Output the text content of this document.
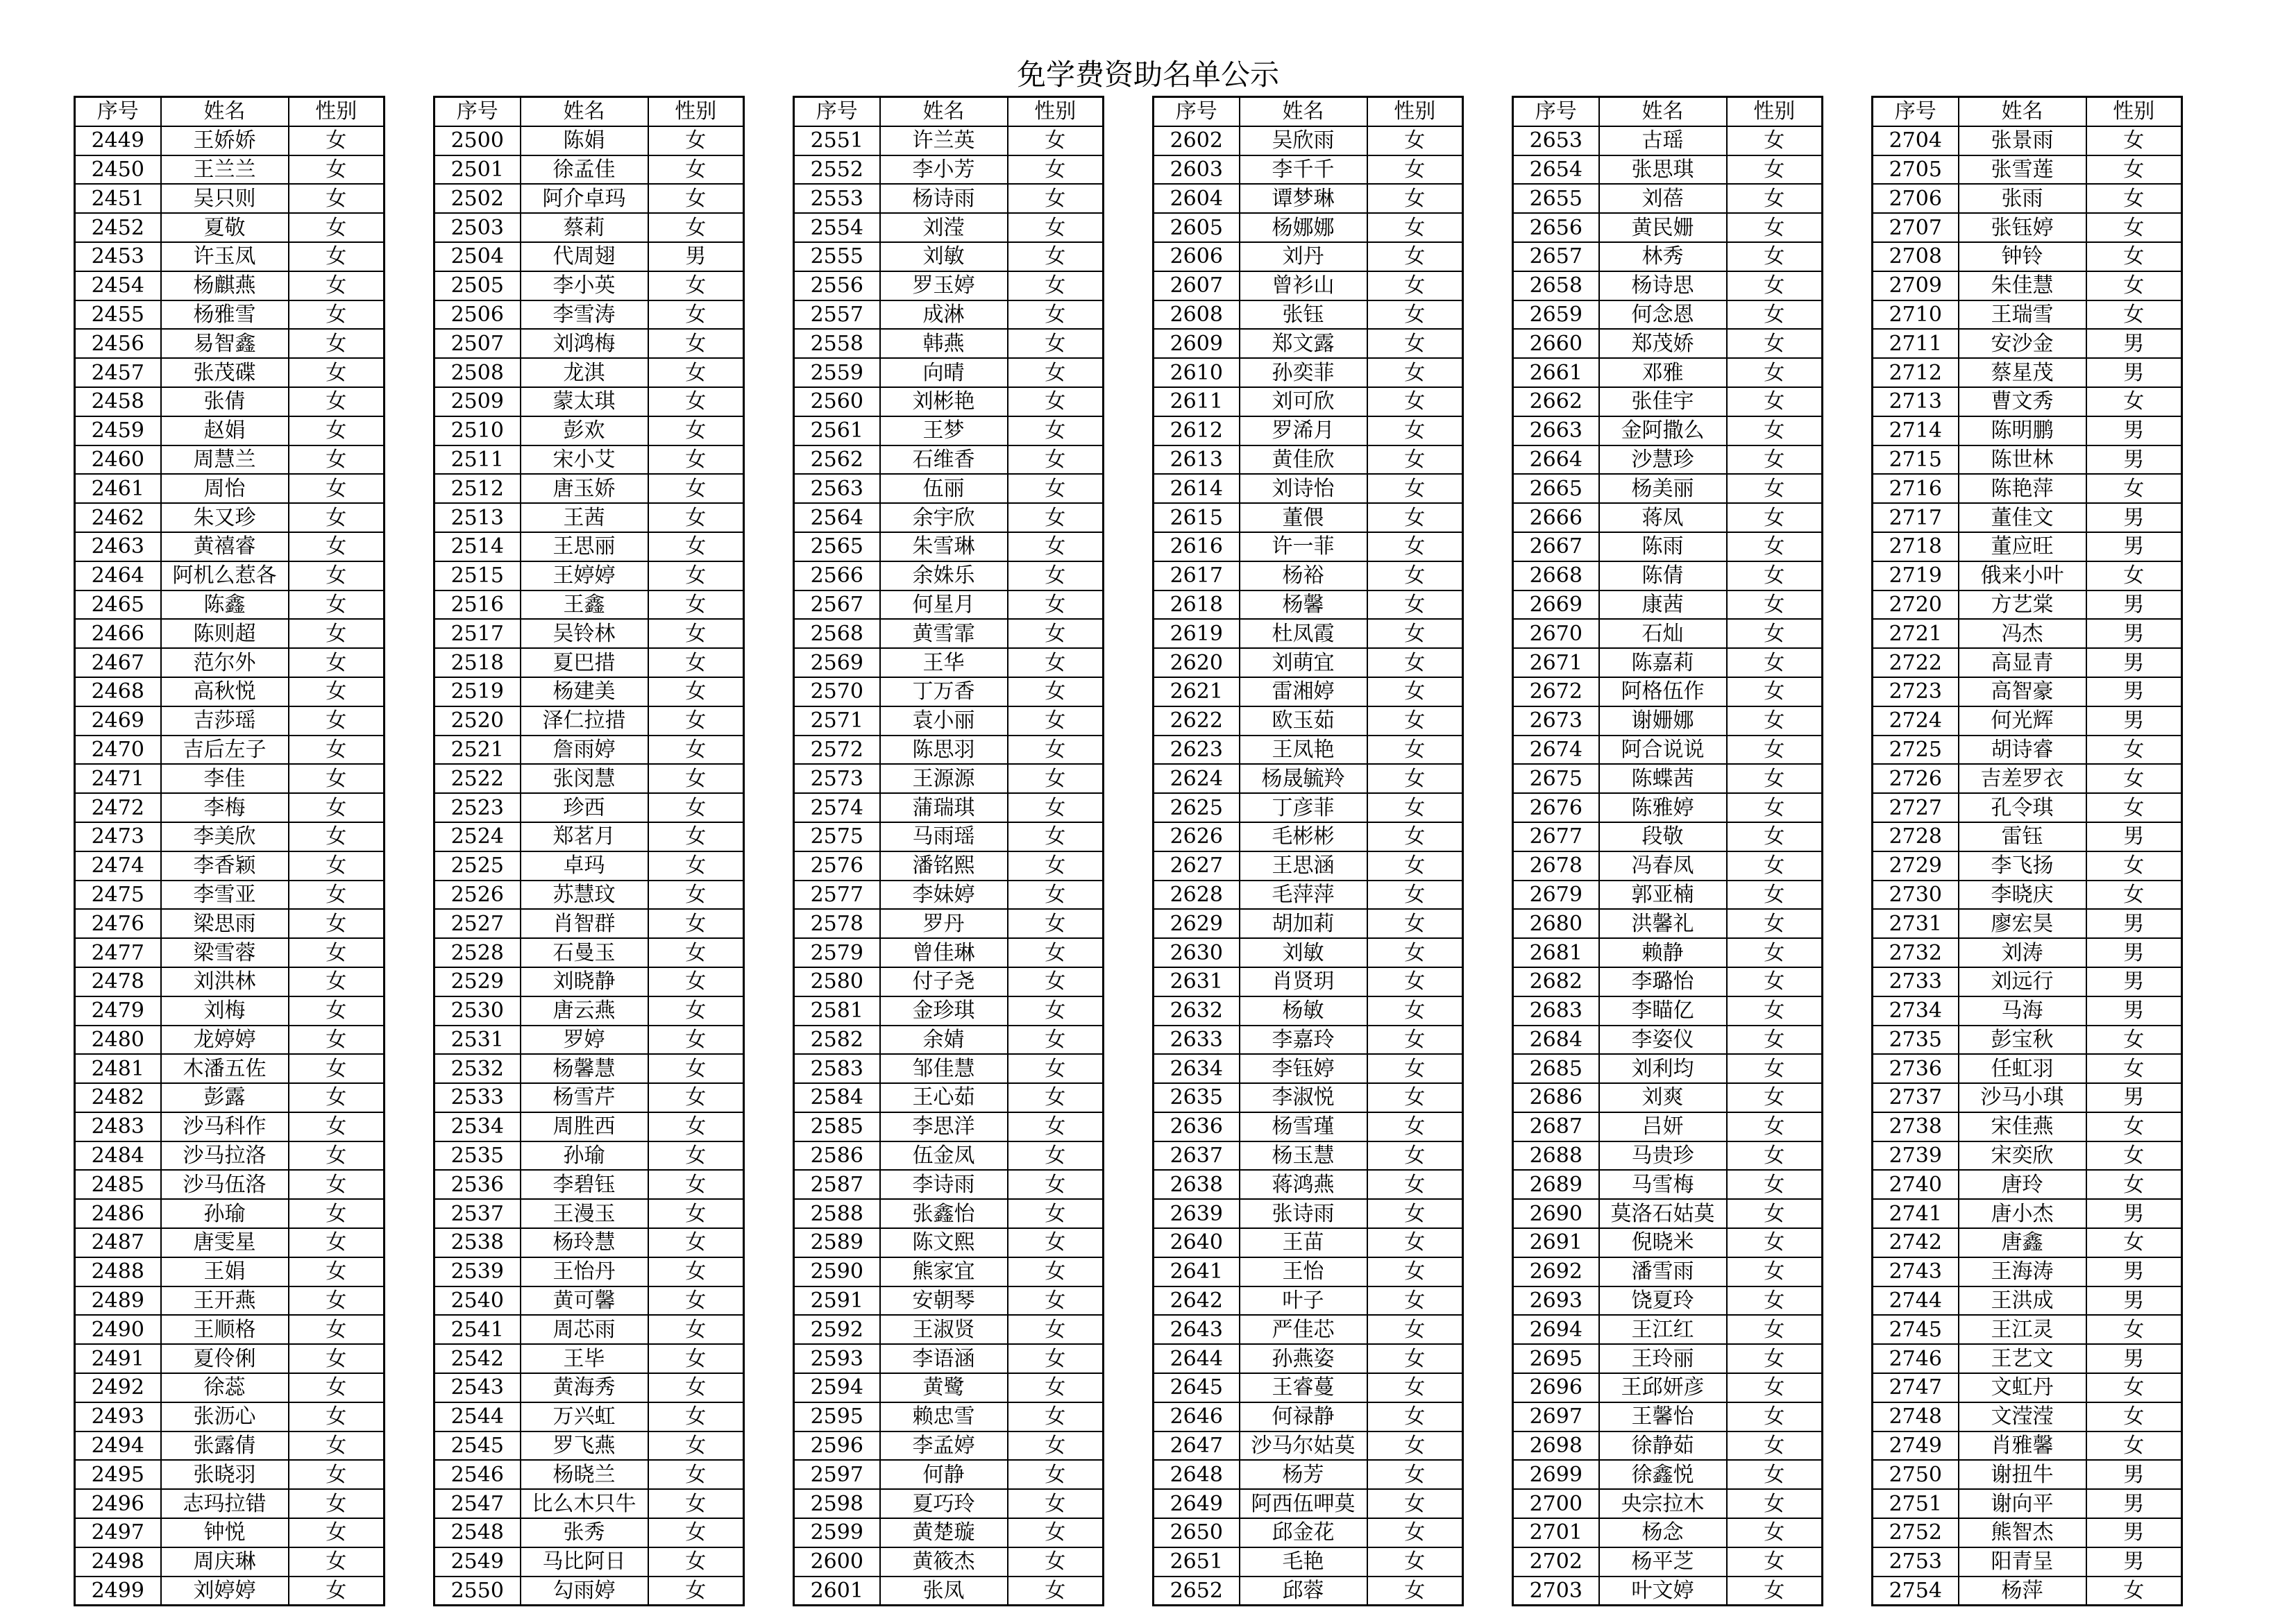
免学费资助名单公示
序号	姓名	性别		序号	姓名	性别		序号	姓名	性别		序号	姓名	性别		序号	姓名	性别		序号	姓名	性别
2449	王娇娇	女		2500	陈娟	女		2551	许兰英	女		2602	吴欣雨	女		2653	古瑶	女		2704	张景雨	女
2450	王兰兰	女		2501	徐孟佳	女		2552	李小芳	女		2603	李千千	女		2654	张思琪	女		2705	张雪莲	女
2451	吴只则	女		2502	阿介卓玛	女		2553	杨诗雨	女		2604	谭梦琳	女		2655	刘蓓	女		2706	张雨	女
2452	夏敬	女		2503	蔡莉	女		2554	刘滢	女		2605	杨娜娜	女		2656	黄民姗	女		2707	张钰婷	女
2453	许玉凤	女		2504	代周翅	男		2555	刘敏	女		2606	刘丹	女		2657	林秀	女		2708	钟铃	女
2454	杨麒燕	女		2505	李小英	女		2556	罗玉婷	女		2607	曾衫山	女		2658	杨诗思	女		2709	朱佳慧	女
2455	杨雅雪	女		2506	李雪涛	女		2557	成淋	女		2608	张钰	女		2659	何念恩	女		2710	王瑞雪	女
2456	易智鑫	女		2507	刘鸿梅	女		2558	韩燕	女		2609	郑文露	女		2660	郑茂娇	女		2711	安沙金	男
2457	张茂碟	女		2508	龙淇	女		2559	向晴	女		2610	孙奕菲	女		2661	邓雅	女		2712	蔡星茂	男
2458	张倩	女		2509	蒙太琪	女		2560	刘彬艳	女		2611	刘可欣	女		2662	张佳宇	女		2713	曹文秀	女
2459	赵娟	女		2510	彭欢	女		2561	王梦	女		2612	罗浠月	女		2663	金阿撒么	女		2714	陈明鹏	男
2460	周慧兰	女		2511	宋小艾	女		2562	石维香	女		2613	黄佳欣	女		2664	沙慧珍	女		2715	陈世林	男
2461	周怡	女		2512	唐玉娇	女		2563	伍丽	女		2614	刘诗怡	女		2665	杨美丽	女		2716	陈艳萍	女
2462	朱又珍	女		2513	王茜	女		2564	余宇欣	女		2615	董偎	女		2666	蒋凤	女		2717	董佳文	男
2463	黄禧睿	女		2514	王思丽	女		2565	朱雪琳	女		2616	许一菲	女		2667	陈雨	女		2718	董应旺	男
2464	阿机么惹各	女		2515	王婷婷	女		2566	余姝乐	女		2617	杨裕	女		2668	陈倩	女		2719	俄来小叶	女
2465	陈鑫	女		2516	王鑫	女		2567	何星月	女		2618	杨馨	女		2669	康茜	女		2720	方艺棠	男
2466	陈则超	女		2517	吴铃林	女		2568	黄雪霏	女		2619	杜凤霞	女		2670	石灿	女		2721	冯杰	男
2467	范尔外	女		2518	夏巴措	女		2569	王华	女		2620	刘萌宜	女		2671	陈嘉莉	女		2722	高显青	男
2468	高秋悦	女		2519	杨建美	女		2570	丁万香	女		2621	雷湘婷	女		2672	阿格伍作	女		2723	高智豪	男
2469	吉莎瑶	女		2520	泽仁拉措	女		2571	袁小丽	女		2622	欧玉茹	女		2673	谢姗娜	女		2724	何光辉	男
2470	吉后左子	女		2521	詹雨婷	女		2572	陈思羽	女		2623	王凤艳	女		2674	阿合说说	女		2725	胡诗睿	女
2471	李佳	女		2522	张闵慧	女		2573	王源源	女		2624	杨晟毓羚	女		2675	陈蝶茜	女		2726	吉差罗衣	女
2472	李梅	女		2523	珍西	女		2574	蒲瑞琪	女		2625	丁彦菲	女		2676	陈雅婷	女		2727	孔令琪	女
2473	李美欣	女		2524	郑茗月	女		2575	马雨瑶	女		2626	毛彬彬	女		2677	段敬	女		2728	雷钰	男
2474	李香颖	女		2525	卓玛	女		2576	潘铭熙	女		2627	王思涵	女		2678	冯春凤	女		2729	李飞扬	女
2475	李雪亚	女		2526	苏慧玟	女		2577	李妹婷	女		2628	毛萍萍	女		2679	郭亚楠	女		2730	李晓庆	女
2476	梁思雨	女		2527	肖智群	女		2578	罗丹	女		2629	胡加莉	女		2680	洪馨礼	女		2731	廖宏昊	男
2477	梁雪蓉	女		2528	石曼玉	女		2579	曾佳琳	女		2630	刘敏	女		2681	赖静	女		2732	刘涛	男
2478	刘洪林	女		2529	刘晓静	女		2580	付子尧	女		2631	肖贤玥	女		2682	李璐怡	女		2733	刘远行	男
2479	刘梅	女		2530	唐云燕	女		2581	金珍琪	女		2632	杨敏	女		2683	李瞄亿	女		2734	马海	男
2480	龙婷婷	女		2531	罗婷	女		2582	余婧	女		2633	李嘉玲	女		2684	李姿仪	女		2735	彭宝秋	女
2481	木潘五佐	女		2532	杨馨慧	女		2583	邹佳慧	女		2634	李钰婷	女		2685	刘利均	女		2736	任虹羽	女
2482	彭露	女		2533	杨雪芹	女		2584	王心茹	女		2635	李淑悦	女		2686	刘爽	女		2737	沙马小琪	男
2483	沙马科作	女		2534	周胜西	女		2585	李思洋	女		2636	杨雪瑾	女		2687	吕妍	女		2738	宋佳燕	女
2484	沙马拉洛	女		2535	孙瑜	女		2586	伍金凤	女		2637	杨玉慧	女		2688	马贵珍	女		2739	宋奕欣	女
2485	沙马伍洛	女		2536	李碧钰	女		2587	李诗雨	女		2638	蒋鸿燕	女		2689	马雪梅	女		2740	唐玲	女
2486	孙瑜	女		2537	王漫玉	女		2588	张鑫怡	女		2639	张诗雨	女		2690	莫洛石姑莫	女		2741	唐小杰	男
2487	唐雯星	女		2538	杨玲慧	女		2589	陈文熙	女		2640	王苗	女		2691	倪晓米	女		2742	唐鑫	女
2488	王娟	女		2539	王怡丹	女		2590	熊家宜	女		2641	王怡	女		2692	潘雪雨	女		2743	王海涛	男
2489	王开燕	女		2540	黄可馨	女		2591	安朝琴	女		2642	叶子	女		2693	饶夏玲	女		2744	王洪成	男
2490	王顺格	女		2541	周芯雨	女		2592	王淑贤	女		2643	严佳芯	女		2694	王江红	女		2745	王江灵	女
2491	夏伶俐	女		2542	王毕	女		2593	李语涵	女		2644	孙燕姿	女		2695	王玲丽	女		2746	王艺文	男
2492	徐蕊	女		2543	黄海秀	女		2594	黄鹭	女		2645	王睿蔓	女		2696	王邱妍彦	女		2747	文虹丹	女
2493	张沥心	女		2544	万兴虹	女		2595	赖忠雪	女		2646	何禄静	女		2697	王馨怡	女		2748	文滢滢	女
2494	张露倩	女		2545	罗飞燕	女		2596	李孟婷	女		2647	沙马尔姑莫	女		2698	徐静茹	女		2749	肖雅馨	女
2495	张晓羽	女		2546	杨晓兰	女		2597	何静	女		2648	杨芳	女		2699	徐鑫悦	女		2750	谢扭牛	男
2496	志玛拉错	女		2547	比么木只牛	女		2598	夏巧玲	女		2649	阿西伍呷莫	女		2700	央宗拉木	女		2751	谢向平	男
2497	钟悦	女		2548	张秀	女		2599	黄楚璇	女		2650	邱金花	女		2701	杨念	女		2752	熊智杰	男
2498	周庆琳	女		2549	马比阿日	女		2600	黄筱杰	女		2651	毛艳	女		2702	杨平芝	女		2753	阳青呈	男
2499	刘婷婷	女		2550	勾雨婷	女		2601	张凤	女		2652	邱蓉	女		2703	叶文婷	女		2754	杨萍	女
